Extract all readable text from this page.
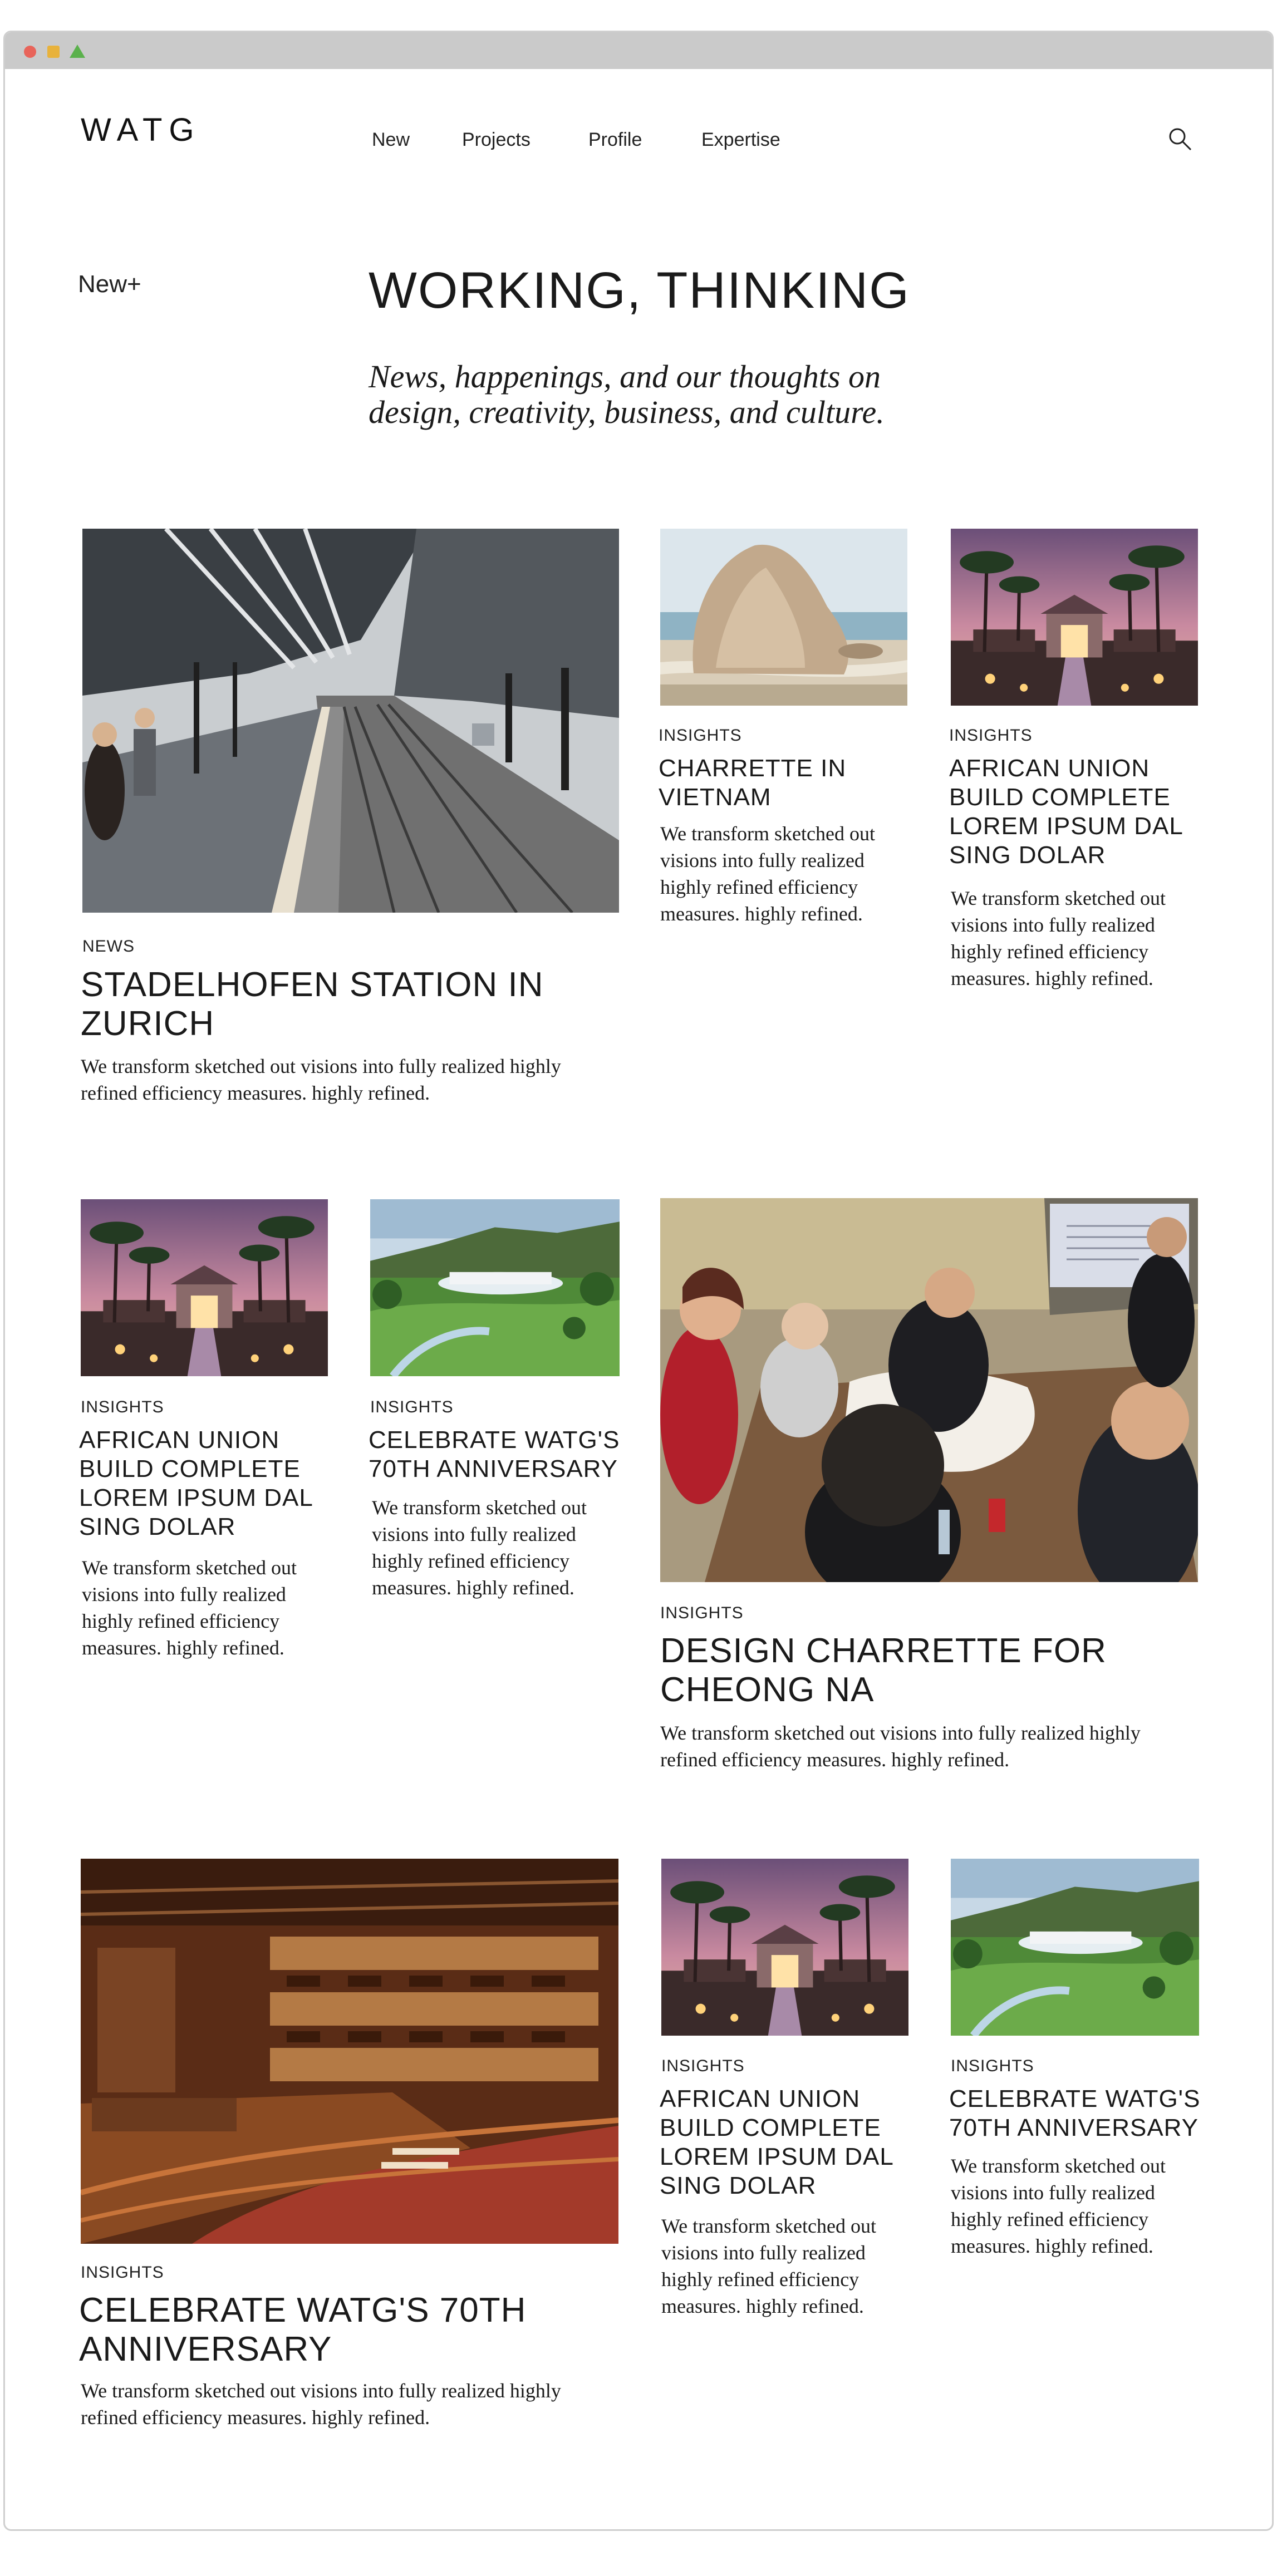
WATG	New	Projects	Profile	Expertise
New+	WORKING, THINKING
News, happenings, and our thoughts on design, creativity, business, and culture.
NEWS
STADELHOFEN STATION IN ZURICH
We transform sketched out visions into fully realized highly refined efficiency measures. highly refined.
INSIGHTS
CHARRETTE IN VIETNAM
We transform sketched out visions into fully realized highly refined efficiency measures. highly refined.
INSIGHTS
AFRICAN UNION BUILD COMPLETE LOREM IPSUM DAL SING DOLAR
We transform sketched out visions into fully realized highly refined efficiency measures. highly refined.
INSIGHTS
AFRICAN UNION BUILD COMPLETE LOREM IPSUM DAL SING DOLAR
We transform sketched out visions into fully realized highly refined efficiency measures. highly refined.
INSIGHTS
CELEBRATE WATG'S 70TH ANNIVERSARY
We transform sketched out visions into fully realized highly refined efficiency measures. highly refined.
INSIGHTS
DESIGN CHARRETTE FOR CHEONG NA
We transform sketched out visions into fully realized highly refined efficiency measures. highly refined.
INSIGHTS
CELEBRATE WATG'S 70TH ANNIVERSARY
We transform sketched out visions into fully realized highly refined efficiency measures. highly refined.
INSIGHTS
AFRICAN UNION BUILD COMPLETE LOREM IPSUM DAL SING DOLAR
We transform sketched out visions into fully realized highly refined efficiency measures. highly refined.
INSIGHTS
CELEBRATE WATG'S 70TH ANNIVERSARY
We transform sketched out visions into fully realized highly refined efficiency measures. highly refined.
